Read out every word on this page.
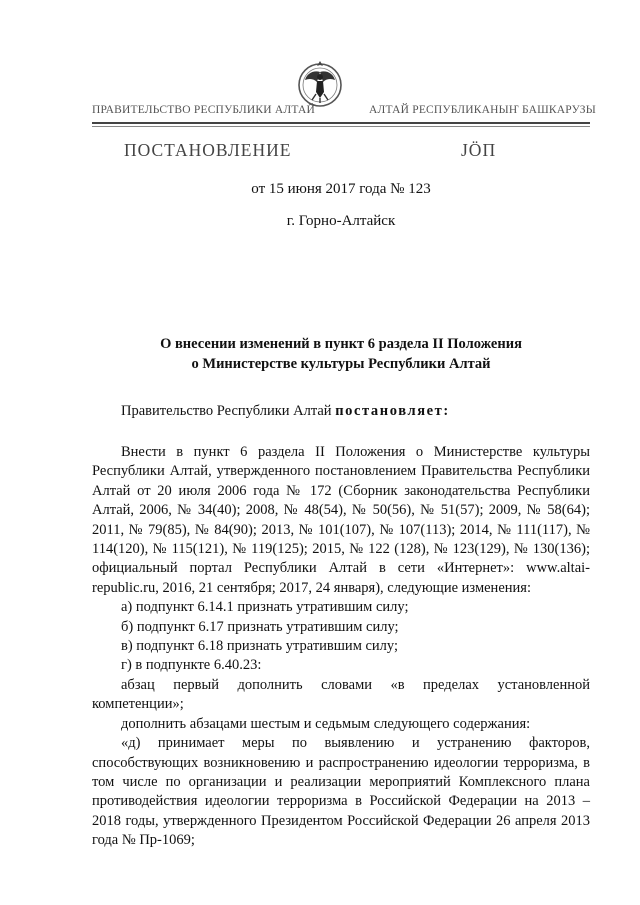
ПРАВИТЕЛЬСТВО РЕСПУБЛИКИ АЛТАЙ	АЛТАЙ РЕСПУБЛИКАНЫҤ БАШКАРУЗЫ
ПОСТАНОВЛЕНИЕ	JÖП
от 15 июня 2017 года № 123
г. Горно-Алтайск
О внесении изменений в пункт 6 раздела II Положения
о Министерстве культуры Республики Алтай
Правительство Республики Алтай постановляет:

Внести в пункт 6 раздела II Положения о Министерстве культуры Республики Алтай, утвержденного постановлением Правительства Республики Алтай от 20 июля 2006 года № 172 (Сборник законодательства Республики Алтай, 2006, № 34(40); 2008, № 48(54), № 50(56), № 51(57); 2009, № 58(64); 2011, № 79(85), № 84(90); 2013, № 101(107), № 107(113); 2014, № 111(117), № 114(120), № 115(121), № 119(125); 2015, № 122 (128), № 123(129), № 130(136); официальный портал Республики Алтай в сети «Интернет»: www.altai-republic.ru, 2016, 21 сентября; 2017, 24 января), следующие изменения:

а) подпункт 6.14.1 признать утратившим силу;

б) подпункт 6.17 признать утратившим силу;

в) подпункт 6.18 признать утратившим силу;

г) в подпункте 6.40.23:

абзац первый дополнить словами «в пределах установленной компетенции»;

дополнить абзацами шестым и седьмым следующего содержания:

«д) принимает меры по выявлению и устранению факторов, способствующих возникновению и распространению идеологии терроризма, в том числе по организации и реализации мероприятий Комплексного плана противодействия идеологии терроризма в Российской Федерации на 2013 – 2018 годы, утвержденного Президентом Российской Федерации 26 апреля 2013 года № Пр-1069;
